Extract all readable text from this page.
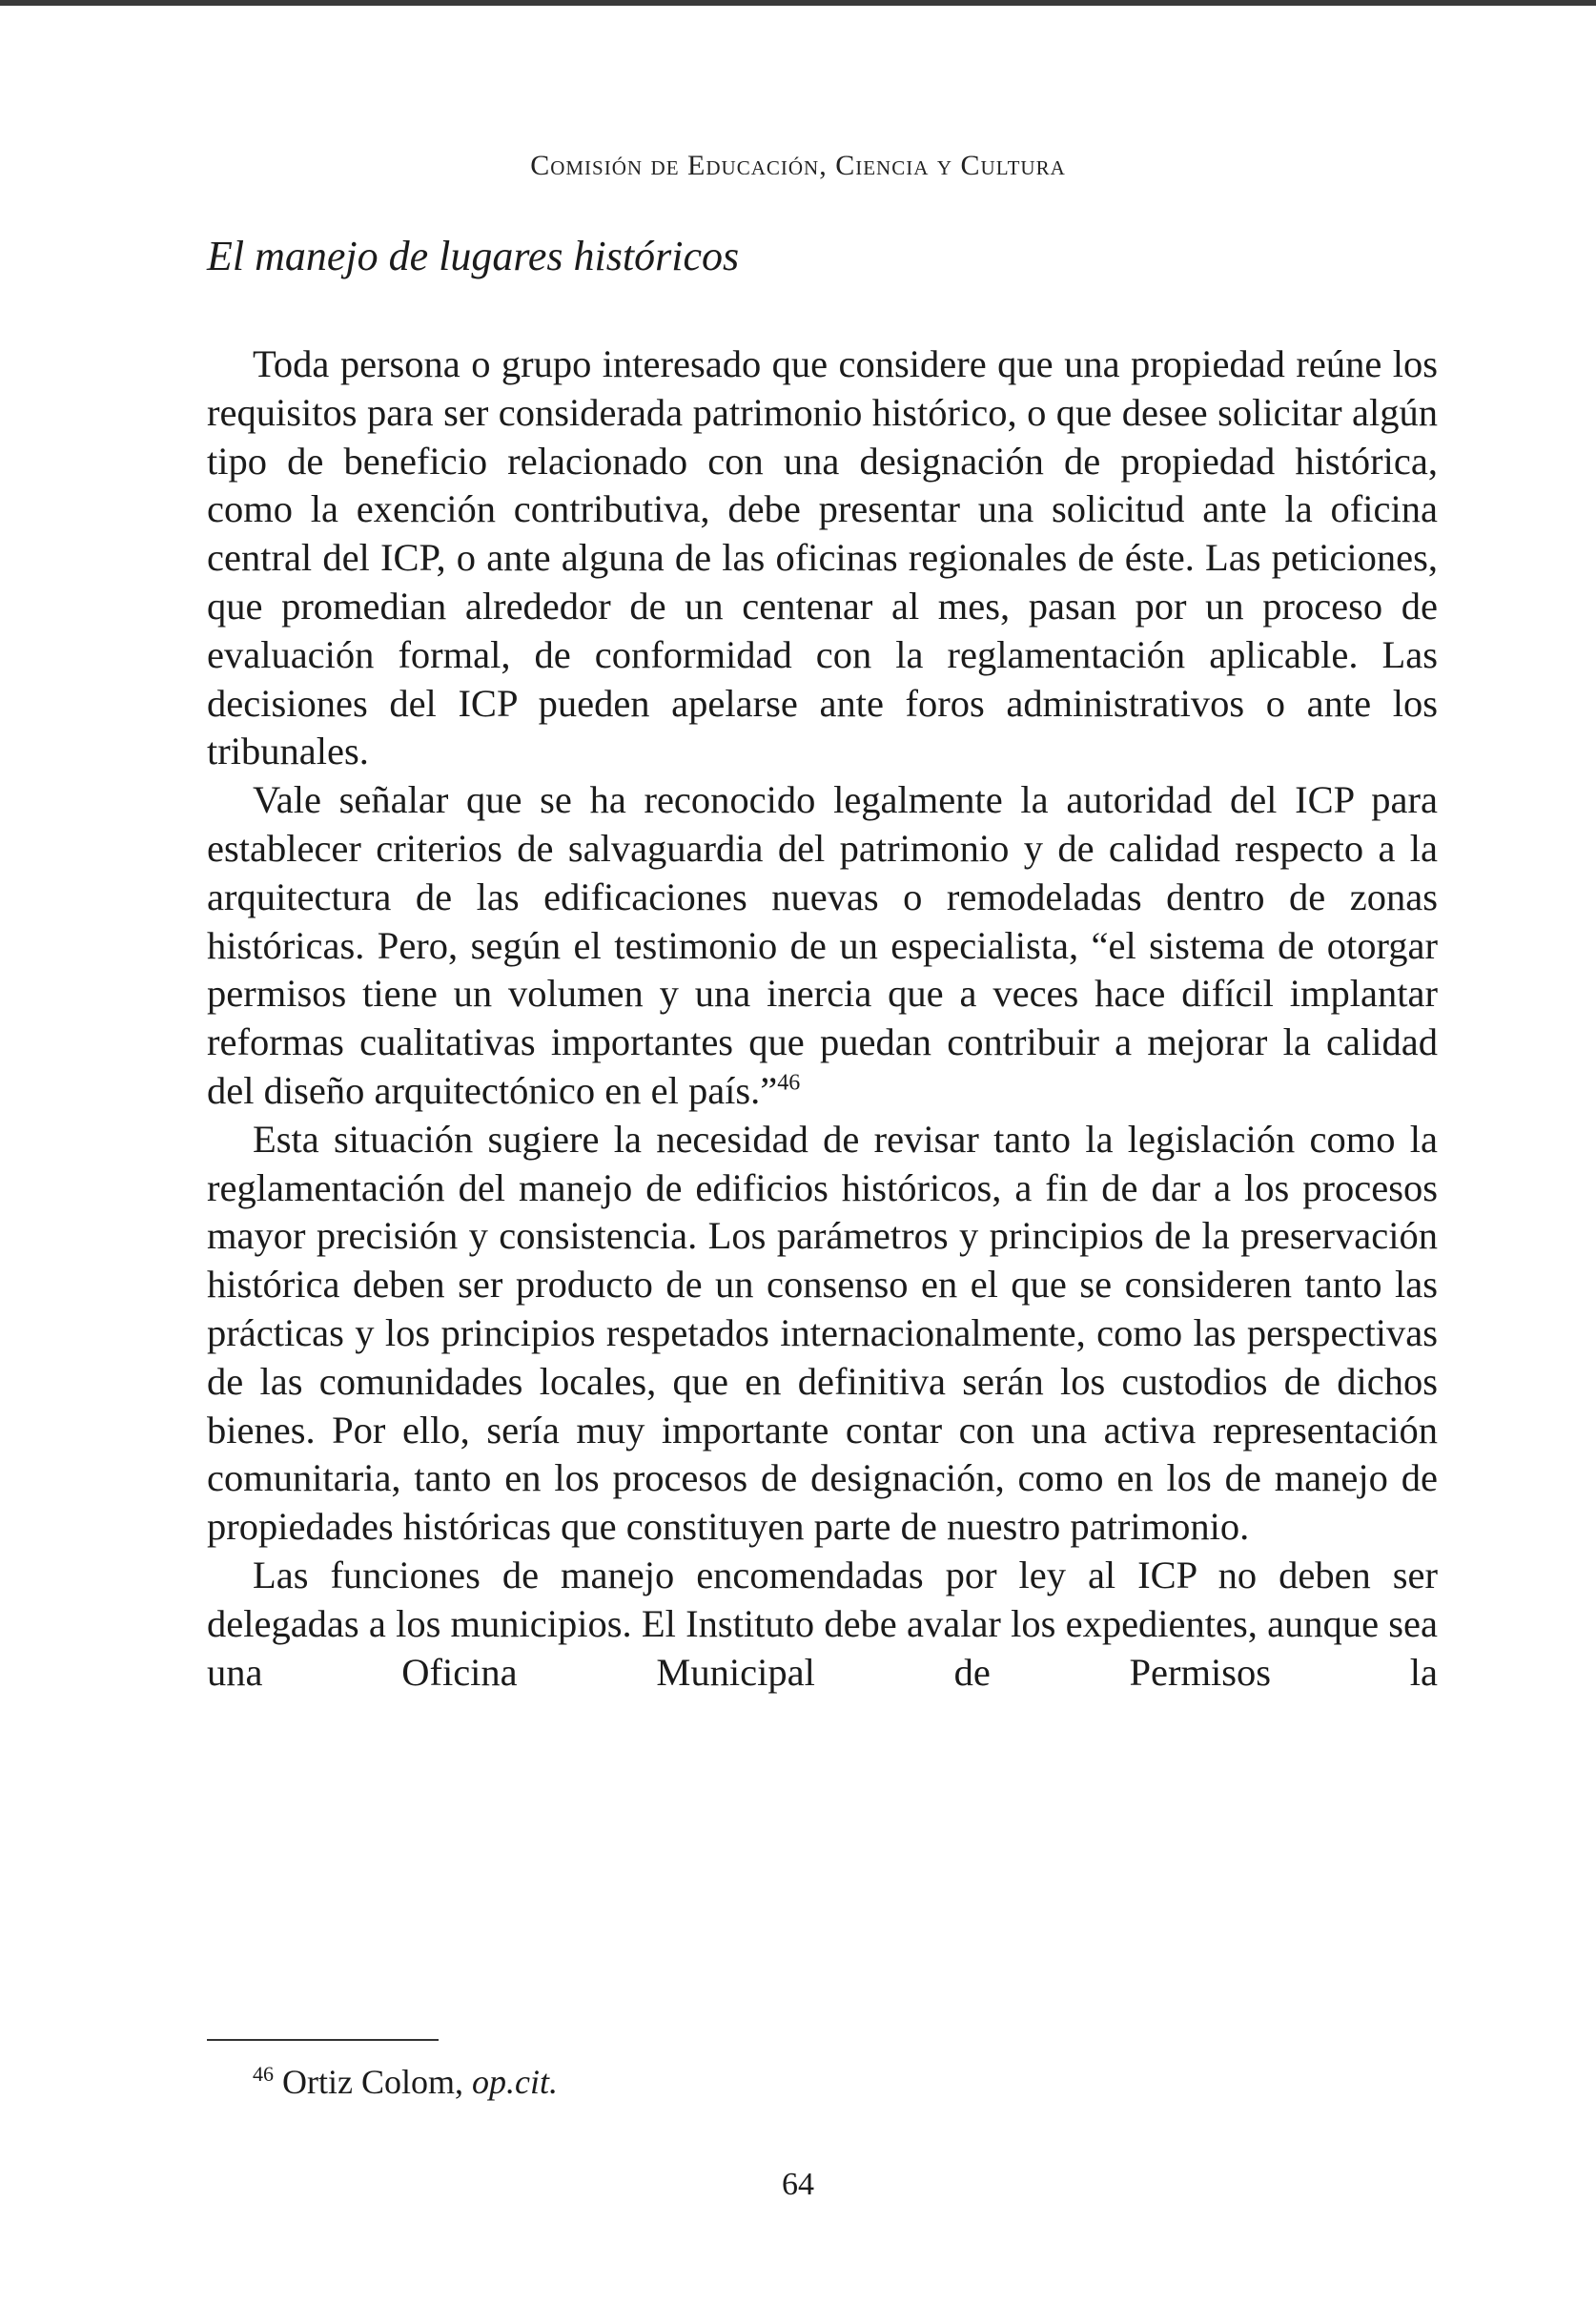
Comisión de Educación, Ciencia y Cultura
El manejo de lugares históricos

Toda persona o grupo interesado que considere que una propiedad reúne los requisitos para ser considerada patrimonio histórico, o que desee solicitar algún tipo de beneficio relacionado con una designación de propiedad histórica, como la exención contributiva, debe presentar una solicitud ante la oficina central del ICP, o ante alguna de las oficinas regionales de éste. Las peticiones, que promedian alrededor de un centenar al mes, pasan por un proceso de evaluación formal, de conformidad con la reglamentación aplicable. Las decisiones del ICP pueden apelarse ante foros administrativos o ante los tribunales.

Vale señalar que se ha reconocido legalmente la autoridad del ICP para establecer criterios de salvaguardia del patrimonio y de calidad respecto a la arquitectura de las edificaciones nuevas o remodeladas dentro de zonas históricas. Pero, según el testimonio de un especialista, “el sistema de otorgar permisos tiene un volumen y una inercia que a veces hace difícil implantar reformas cualitativas importantes que puedan contribuir a mejorar la calidad del diseño arquitectónico en el país.”$^{46}$

Esta situación sugiere la necesidad de revisar tanto la legislación como la reglamentación del manejo de edificios históricos, a fin de dar a los procesos mayor precisión y consistencia. Los parámetros y principios de la preservación histórica deben ser producto de un consenso en el que se consideren tanto las prácticas y los principios respetados internacionalmente, como las perspectivas de las comunidades locales, que en definitiva serán los custodios de dichos bienes. Por ello, sería muy importante contar con una activa representación comunitaria, tanto en los procesos de designación, como en los de manejo de propiedades históricas que constituyen parte de nuestro patrimonio.

Las funciones de manejo encomendadas por ley al ICP no deben ser delegadas a los municipios. El Instituto debe avalar los expedientes, aunque sea una Oficina Municipal de Permisos la

$^{46}$ Ortiz Colom, op.cit.
64
